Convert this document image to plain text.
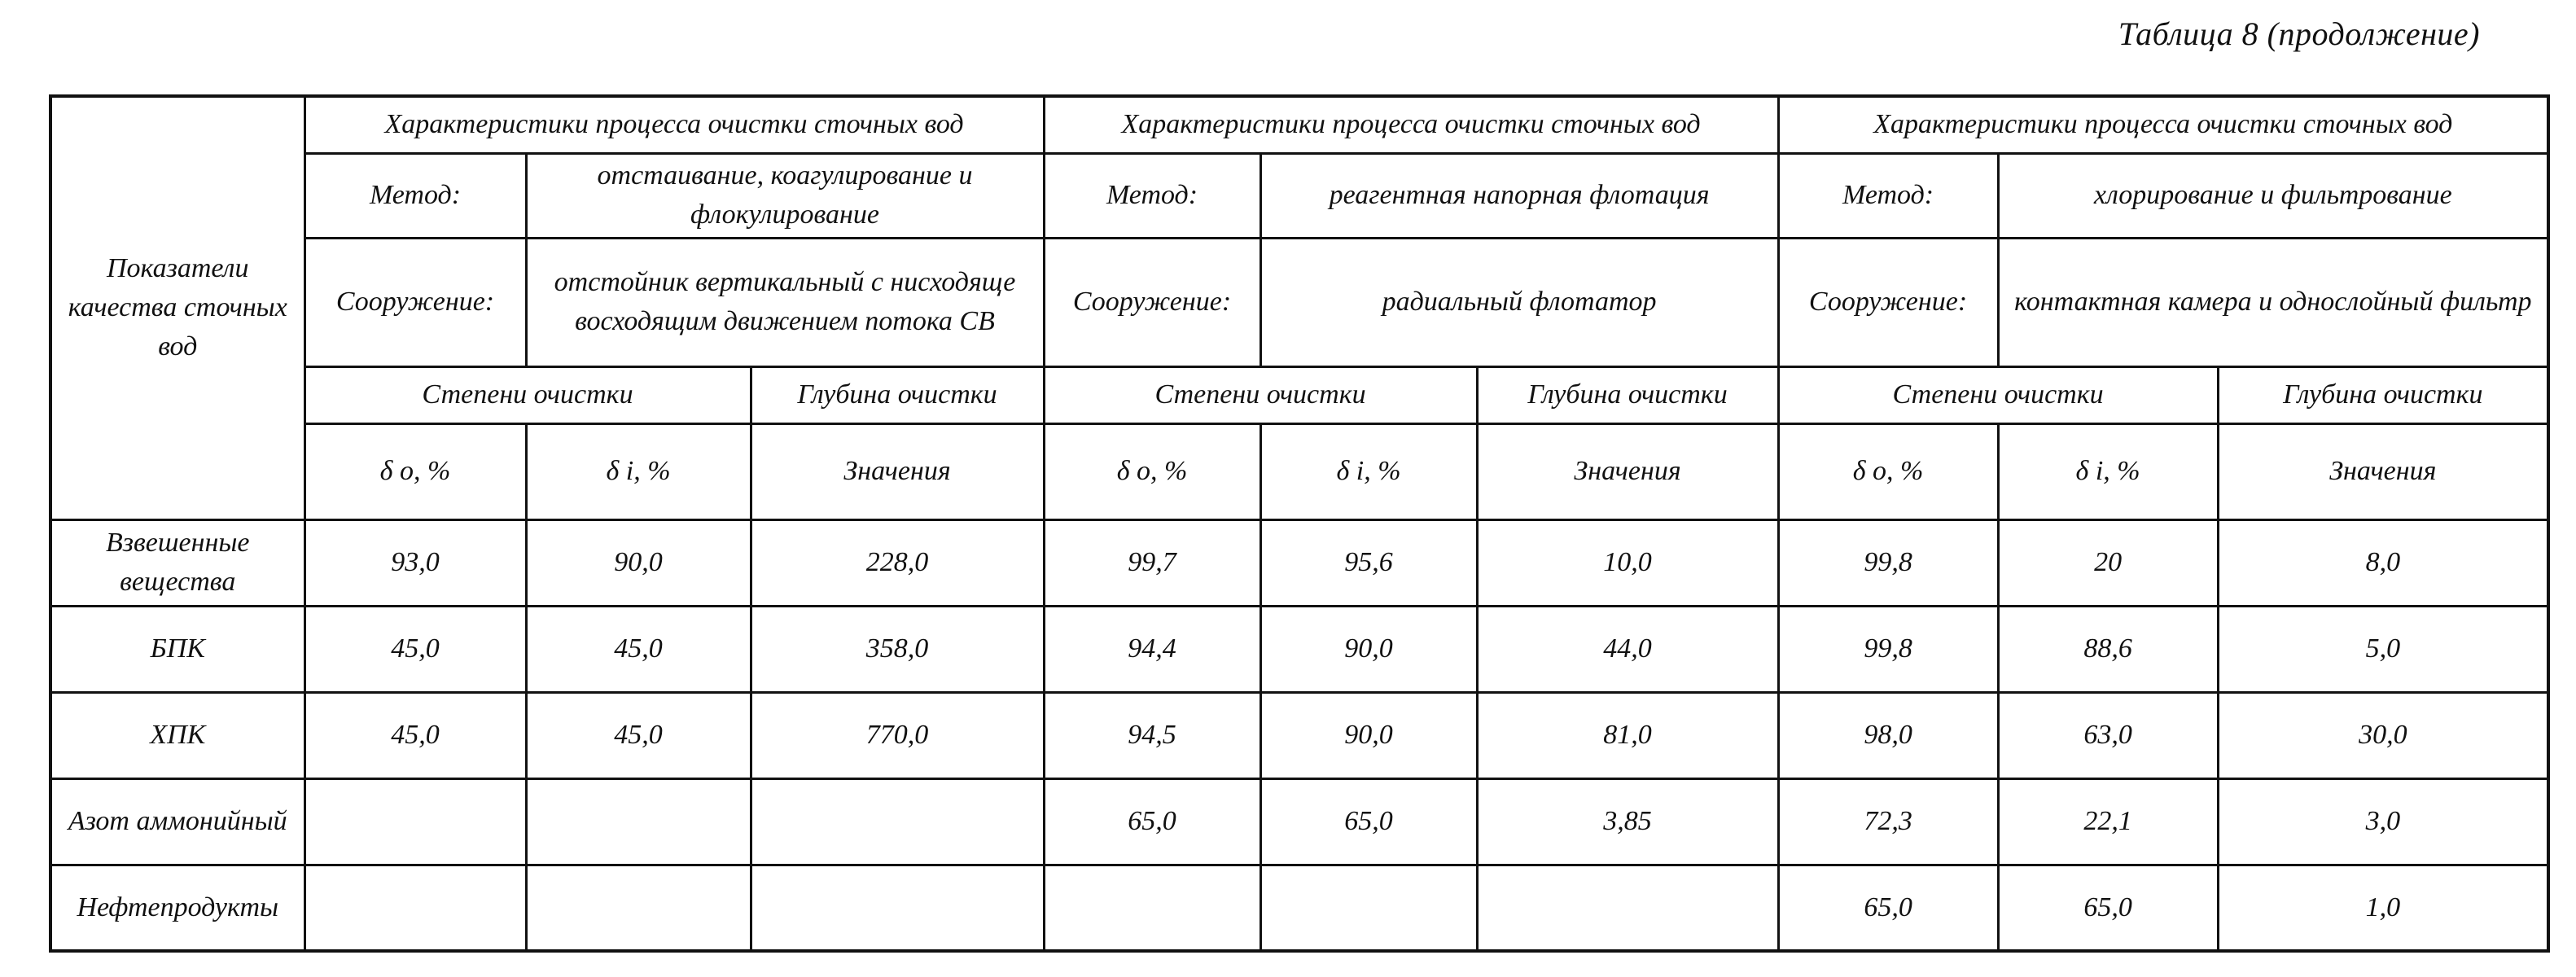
Таблица 8 (продолжение)
Показатели качества сточных вод	Характеристики процесса очистки сточных вод			Характеристики процесса очистки сточных вод			Характеристики процесса очистки сточных вод		
	Метод:	отстаивание, коагулирование и флокулирование		Метод:	реагентная напорная флотация		Метод:	хлорирование и фильтрование	
	Сооружение:	отстойник вертикальный с нисходяще восходящим движением потока СВ		Сооружение:	радиальный флотатор		Сооружение:	контактная камера и однослойный фильтр	
	Степени очистки		Глубина очистки	Степени очистки		Глубина очистки	Степени очистки		Глубина очистки
	δ о, %	δ i, %	Значения	δ о, %	δ i, %	Значения	δ о, %	δ i, %	Значения
Взвешенные вещества	93,0	90,0	228,0	99,7	95,6	10,0	99,8	20	8,0
БПК	45,0	45,0	358,0	94,4	90,0	44,0	99,8	88,6	5,0
ХПК	45,0	45,0	770,0	94,5	90,0	81,0	98,0	63,0	30,0
Азот аммонийный				65,0	65,0	3,85	72,3	22,1	3,0
Нефтепродукты							65,0	65,0	1,0
